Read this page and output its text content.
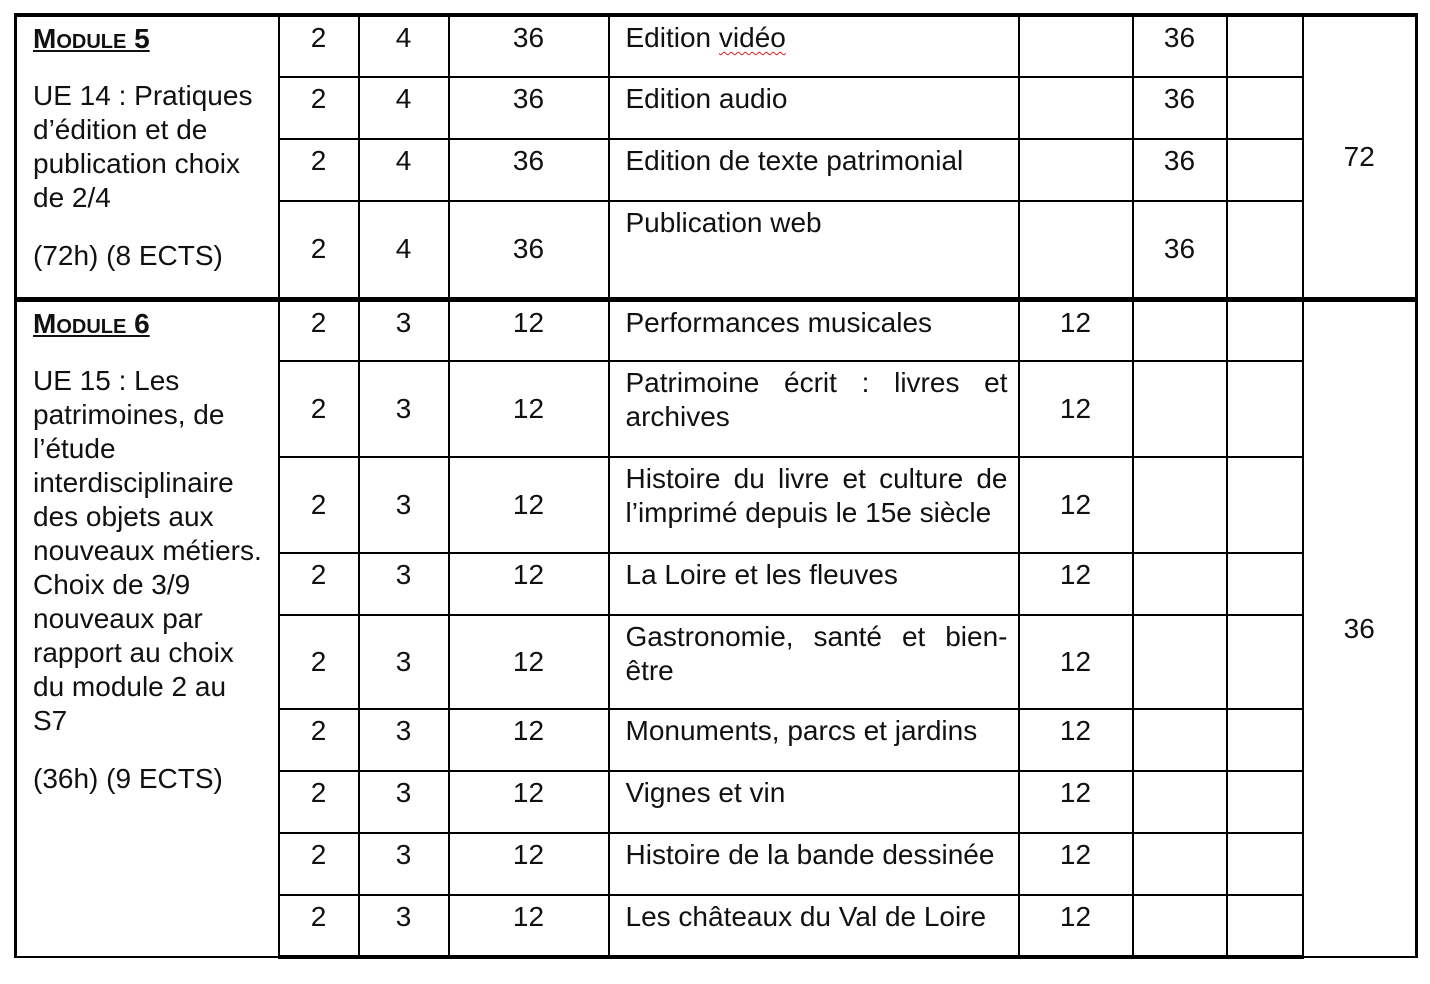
Module 5
UE 14 : Pratiques d’édition et de publication choix de 2/4
(72h) (8 ECTS)	2	4	36	Edition vidéo		36		72

	2	4	36	Edition audio		36		

	2	4	36	Edition de texte patrimonial		36		

	2	4	36	Publication web		36		

Module 6
UE 15 : Les patrimoines, de l’étude interdisciplinaire des objets aux nouveaux métiers. Choix de 3/9 nouveaux par rapport au choix du module 2 au S7
(36h) (9 ECTS)	2	3	12	Performances musicales	12			36

	2	3	12	Patrimoine écrit : livres et archives	12			

	2	3	12	Histoire du livre et culture de l’imprimé depuis le 15e siècle	12			

	2	3	12	La Loire et les fleuves	12			

	2	3	12	Gastronomie, santé et bien-être	12			

	2	3	12	Monuments, parcs et jardins	12			

	2	3	12	Vignes et vin	12			

	2	3	12	Histoire de la bande dessinée	12			

	2	3	12	Les châteaux du Val de Loire	12			
